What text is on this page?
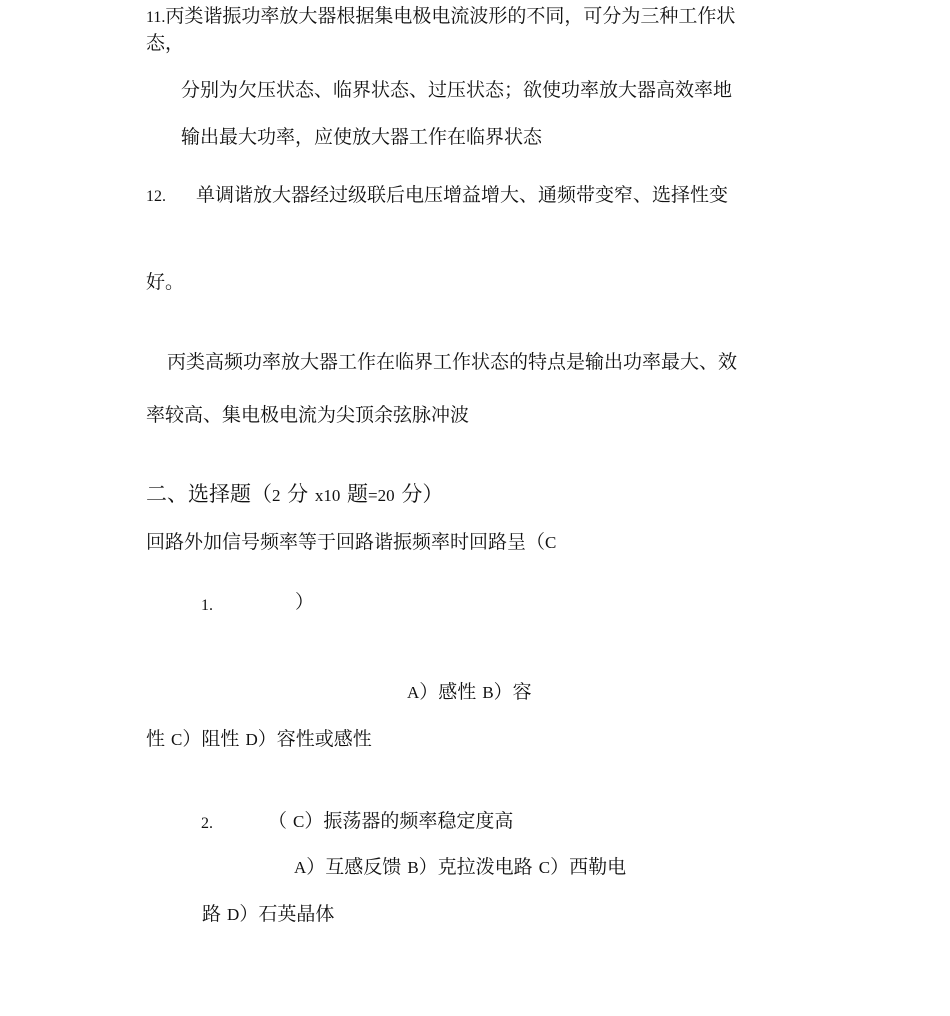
11.丙类谐振功率放大器根据集电极电流波形的不同，可分为三种工作状
态，
分别为欠压状态、临界状态、过压状态；欲使功率放大器高效率地
输出最大功率，应使放大器工作在临界状态
12. 单调谐放大器经过级联后电压增益增大、通频带变窄、选择性变
好。
丙类高频功率放大器工作在临界工作状态的特点是输出功率最大、效
率较高、集电极电流为尖顶余弦脉冲波
二、选择题（2 分 x10 题=20 分）
回路外加信号频率等于回路谐振频率时回路呈（C
1.	）
A）感性 B）容
性 C）阻性 D）容性或感性
2.	（ C）振荡器的频率稳定度高
A）互感反馈 B）克拉泼电路 C）西勒电
路 D）石英晶体
